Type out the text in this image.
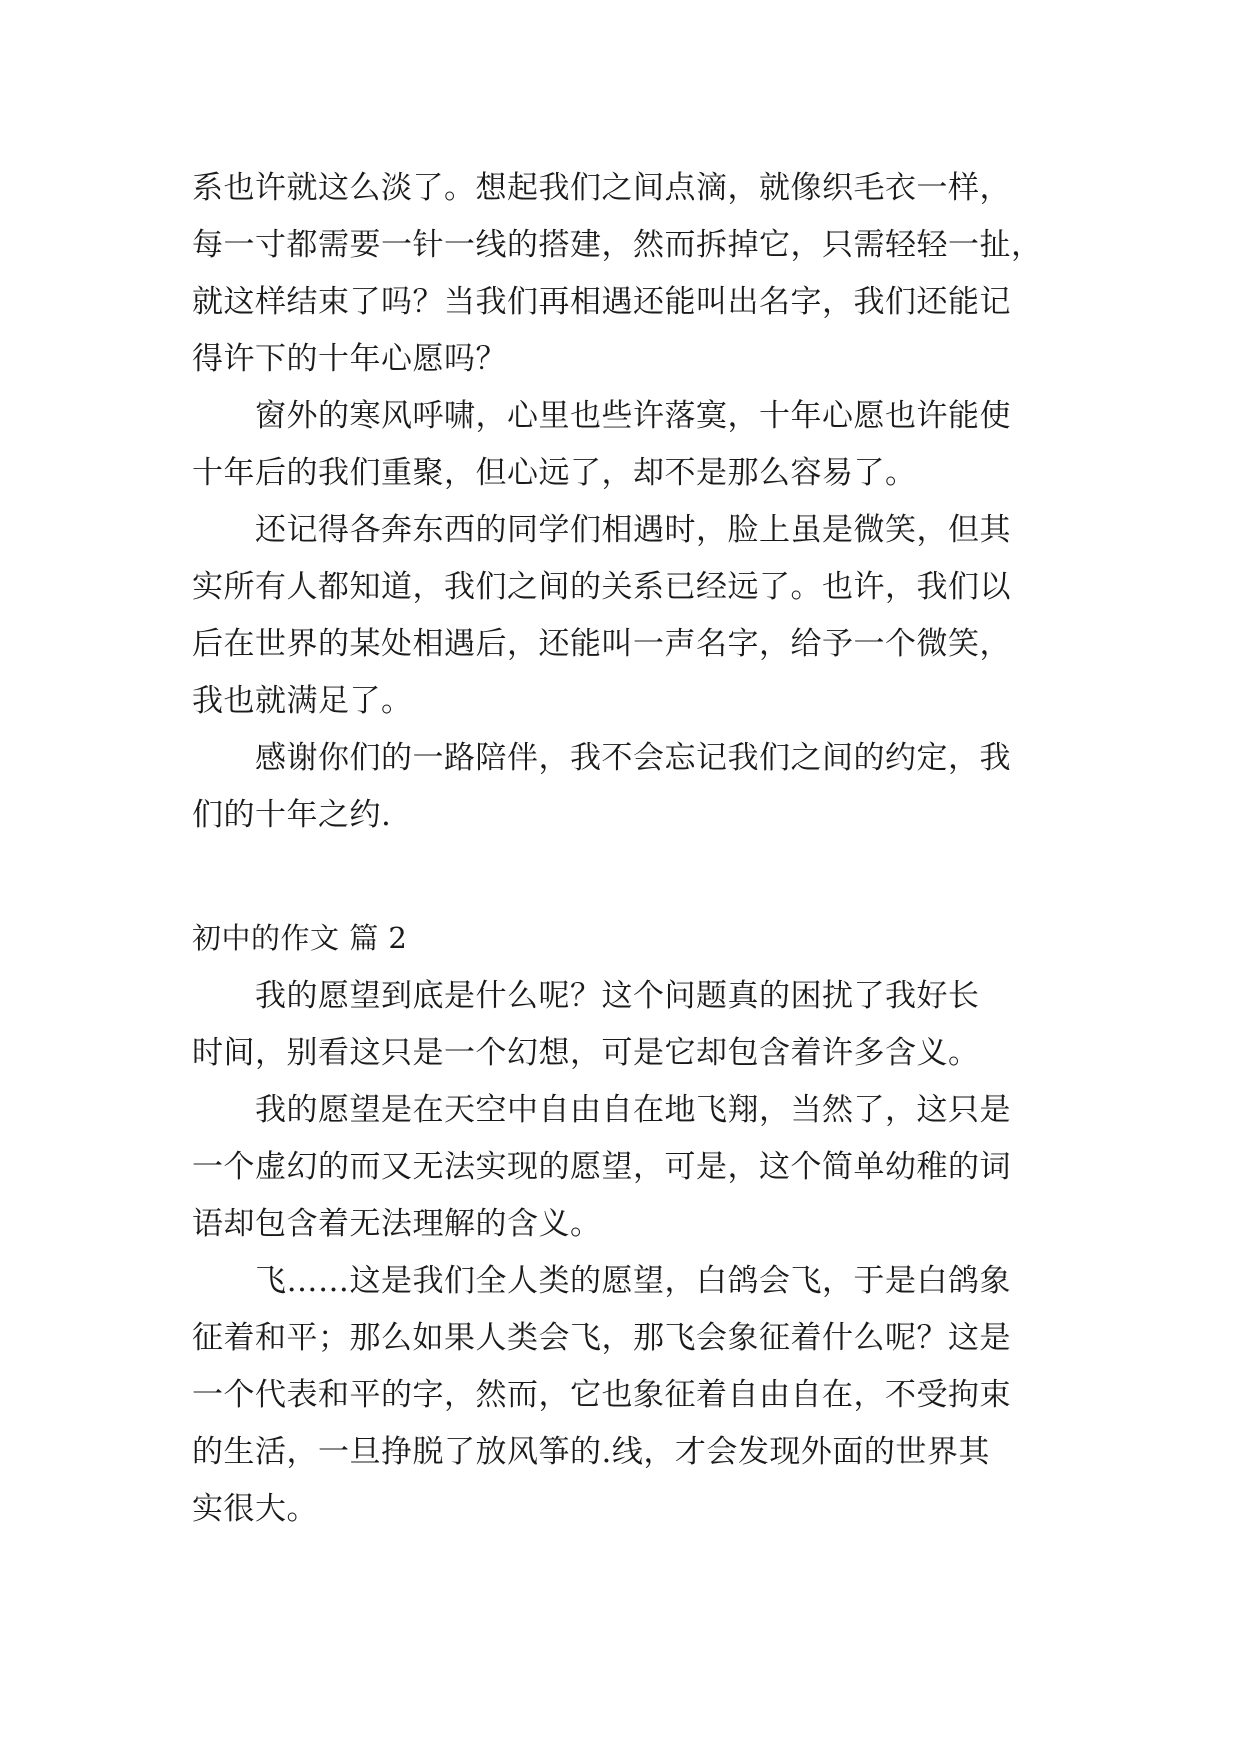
系也许就这么淡了。想起我们之间点滴，就像织毛衣一样，
每一寸都需要一针一线的搭建，然而拆掉它，只需轻轻一扯，
就这样结束了吗？当我们再相遇还能叫出名字，我们还能记
得许下的十年心愿吗？
　　窗外的寒风呼啸，心里也些许落寞，十年心愿也许能使
十年后的我们重聚，但心远了，却不是那么容易了。
　　还记得各奔东西的同学们相遇时，脸上虽是微笑，但其
实所有人都知道，我们之间的关系已经远了。也许，我们以
后在世界的某处相遇后，还能叫一声名字，给予一个微笑，
我也就满足了。
　　感谢你们的一路陪伴，我不会忘记我们之间的约定，我
们的十年之约.
初中的作文 篇 2
　　我的愿望到底是什么呢？这个问题真的困扰了我好长
时间，别看这只是一个幻想，可是它却包含着许多含义。
　　我的愿望是在天空中自由自在地飞翔，当然了，这只是
一个虚幻的而又无法实现的愿望，可是，这个简单幼稚的词
语却包含着无法理解的含义。
　　飞……这是我们全人类的愿望，白鸽会飞，于是白鸽象
征着和平；那么如果人类会飞，那飞会象征着什么呢？这是
一个代表和平的字，然而，它也象征着自由自在，不受拘束
的生活，一旦挣脱了放风筝的.线，才会发现外面的世界其
实很大。
